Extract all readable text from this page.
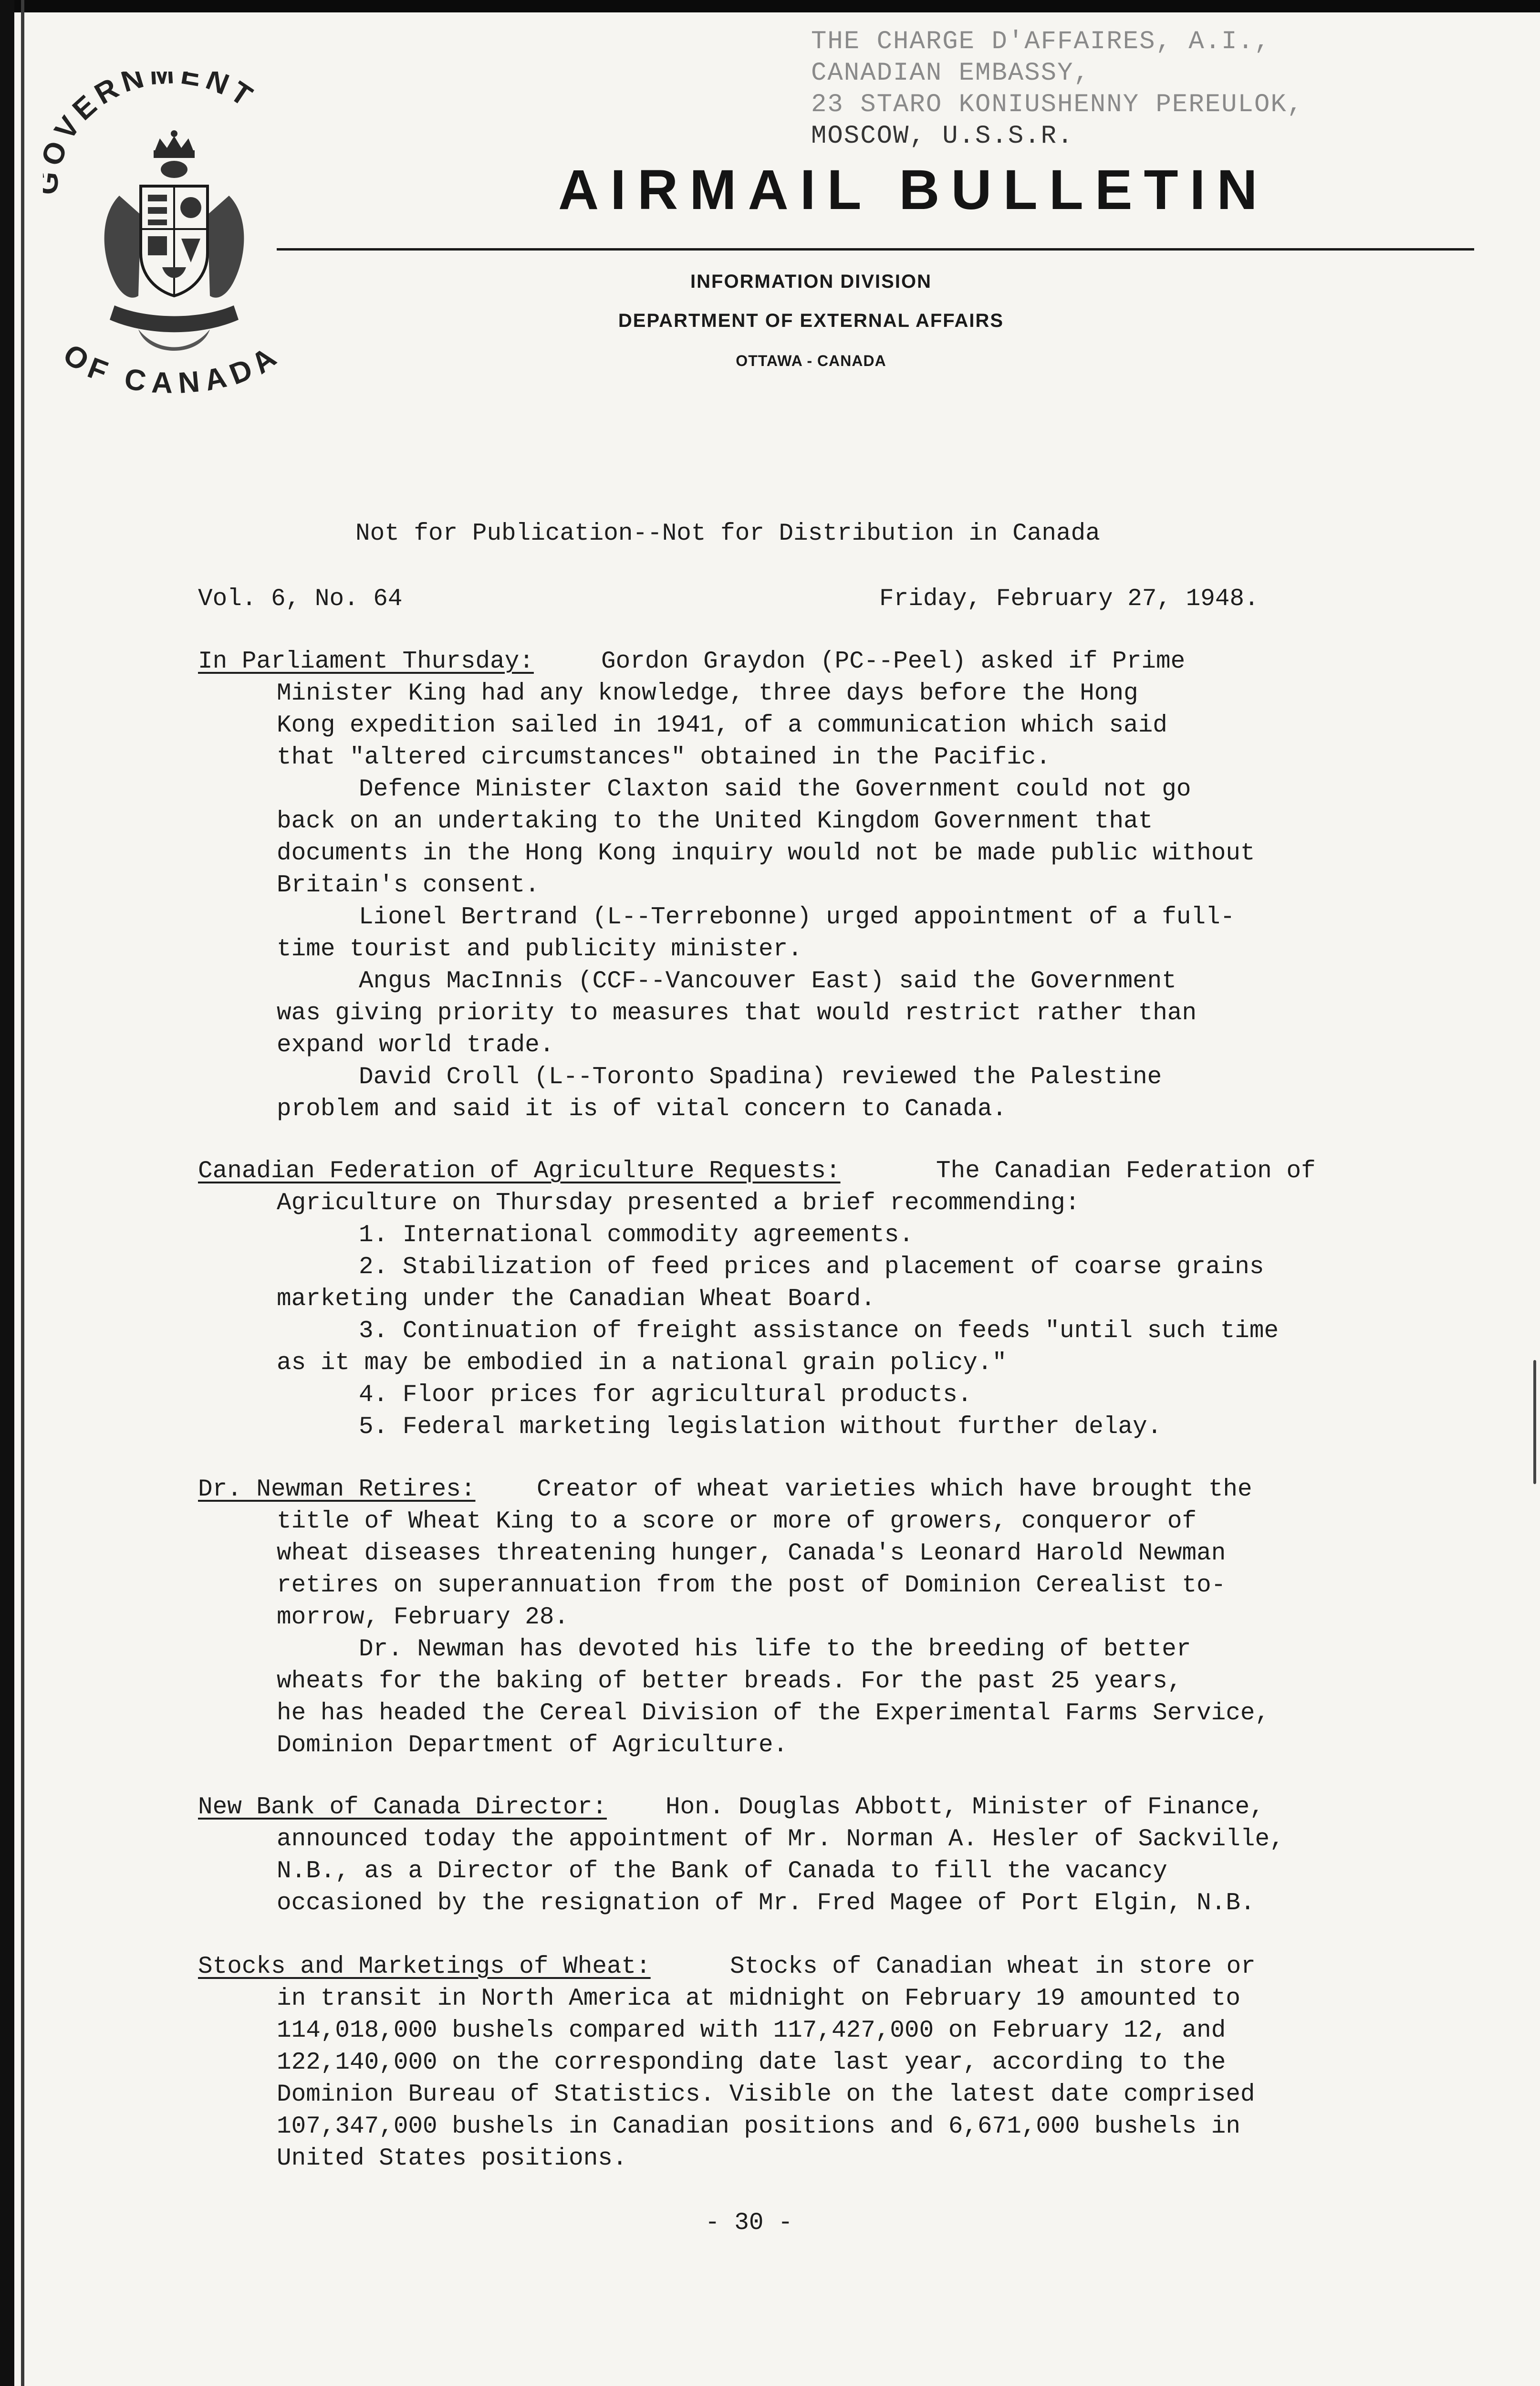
THE CHARGE D'AFFAIRES, A.I.,
CANADIAN EMBASSY,
23 STARO KONIUSHENNY PEREULOK,
MOSCOW, U.S.S.R.
VERNMENT
OF CANADA
AIRMAIL BULLETIN
INFORMATION DIVISION
DEPARTMENT OF EXTERNAL AFFAIRS
OTTAWA - CANADA
Not for Publication--Not for Distribution in Canada
Vol. 6, No. 64	Friday, February 27, 1948.
In Parliament Thursday:	Gordon Graydon (PC--Peel) asked if Prime
Minister King had any knowledge, three days before the Hong
Kong expedition sailed in 1941, of a communication which said
that "altered circumstances" obtained in the Pacific.
Defence Minister Claxton said the Government could not go
back on an undertaking to the United Kingdom Government that
documents in the Hong Kong inquiry would not be made public without
Britain's consent.
Lionel Bertrand (L--Terrebonne) urged appointment of a full-
time tourist and publicity minister.
Angus MacInnis (CCF--Vancouver East) said the Government
was giving priority to measures that would restrict rather than
expand world trade.
David Croll (L--Toronto Spadina) reviewed the Palestine
problem and said it is of vital concern to Canada.
Canadian Federation of Agriculture Requests:	The Canadian Federation of
Agriculture on Thursday presented a brief recommending:
1. International commodity agreements.
2. Stabilization of feed prices and placement of coarse grains
marketing under the Canadian Wheat Board.
3. Continuation of freight assistance on feeds "until such time
as it may be embodied in a national grain policy."
4. Floor prices for agricultural products.
5. Federal marketing legislation without further delay.
Dr. Newman Retires:	Creator of wheat varieties which have brought the
title of Wheat King to a score or more of growers, conqueror of
wheat diseases threatening hunger, Canada's Leonard Harold Newman
retires on superannuation from the post of Dominion Cerealist to-
morrow, February 28.
Dr. Newman has devoted his life to the breeding of better
wheats for the baking of better breads. For the past 25 years,
he has headed the Cereal Division of the Experimental Farms Service,
Dominion Department of Agriculture.
New Bank of Canada Director: Hon. Douglas Abbott, Minister of Finance,
announced today the appointment of Mr. Norman A. Hesler of Sackville,
N.B., as a Director of the Bank of Canada to fill the vacancy
occasioned by the resignation of Mr. Fred Magee of Port Elgin, N.B.
Stocks and Marketings of Wheat:	Stocks of Canadian wheat in store or
in transit in North America at midnight on February 19 amounted to
114,018,000 bushels compared with 117,427,000 on February 12, and
122,140,000 on the corresponding date last year, according to the
Dominion Bureau of Statistics. Visible on the latest date comprised
107,347,000 bushels in Canadian positions and 6,671,000 bushels in
United States positions.
- 30 -
